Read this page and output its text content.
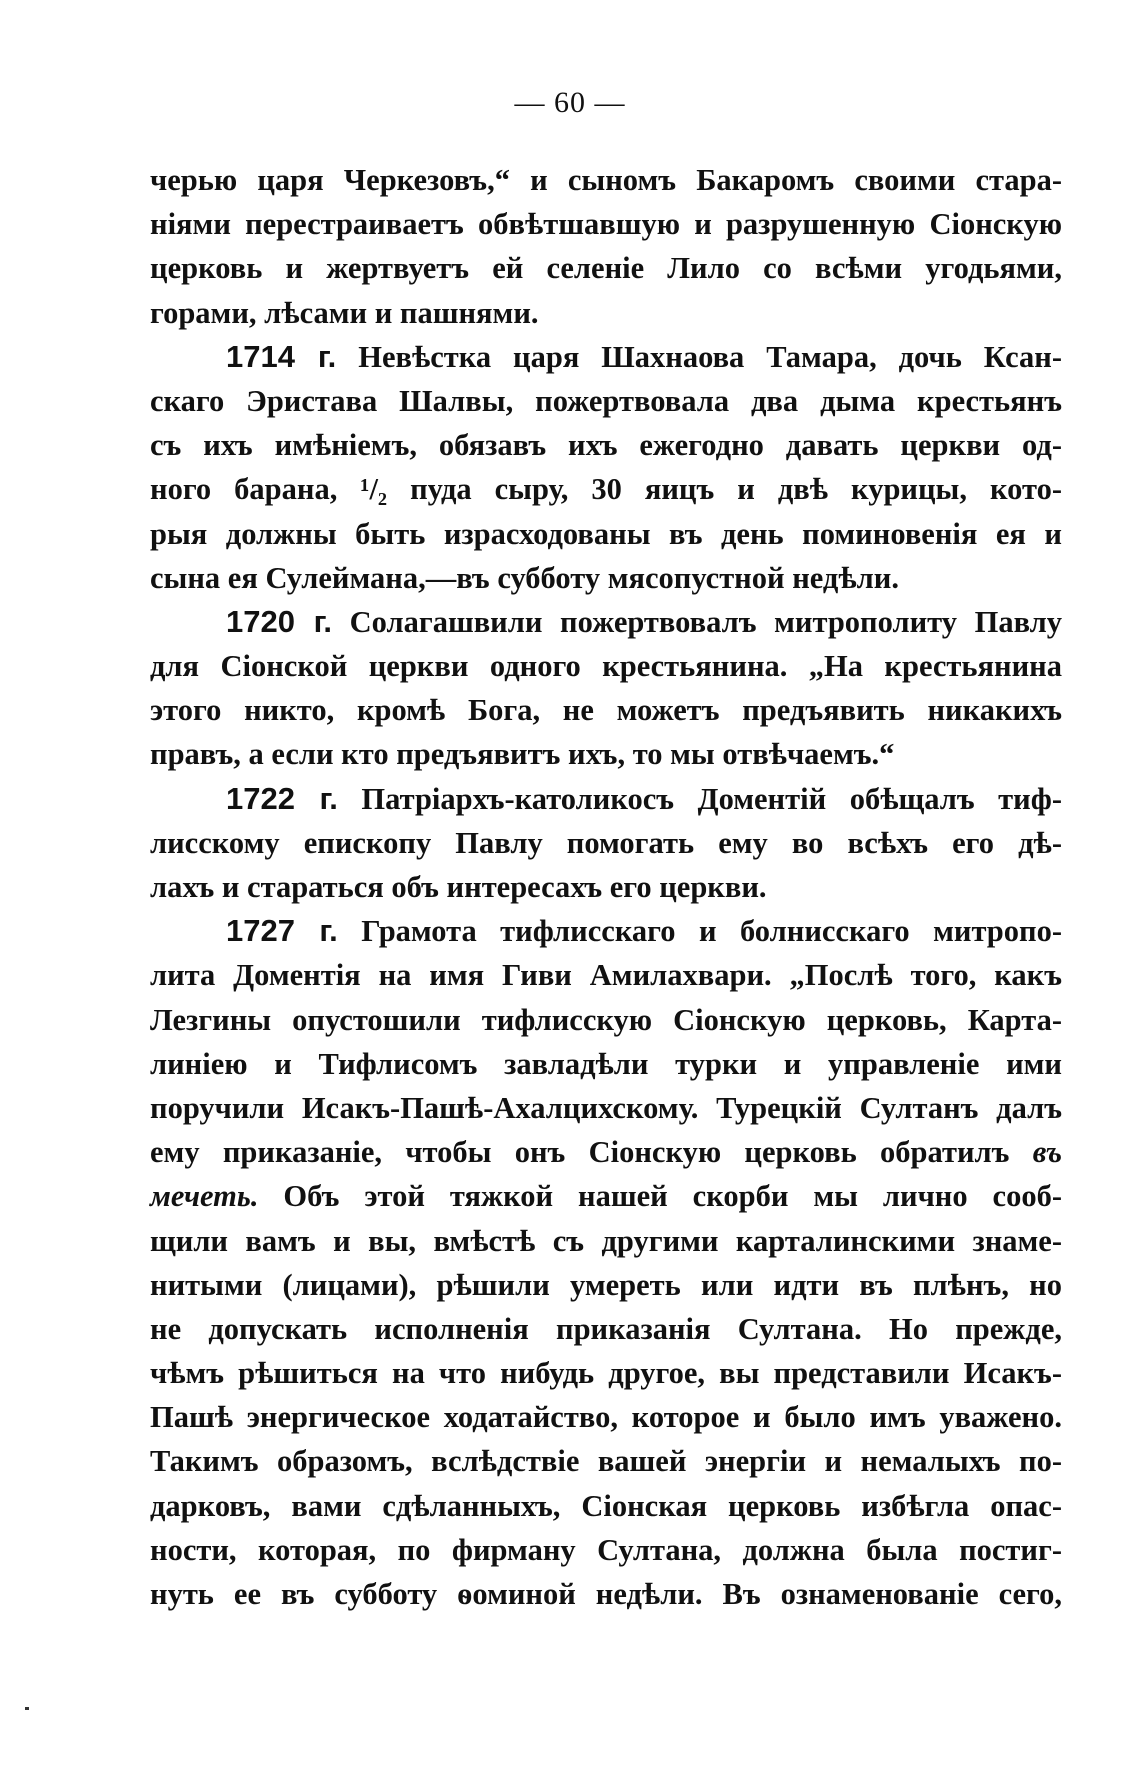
— 60 —
черью царя Черкезовъ,“ и сыномъ Бакаромъ своими стара-
ніями перестраиваетъ обвѣтшавшую и разрушенную Сіонскую
церковь и жертвуетъ ей селеніе Лило со всѣми угодьями,
горами, лѣсами и пашнями.
1714 г. Невѣстка царя Шахнаова Тамара, дочь Ксан-
скаго Эристава Шалвы, пожертвовала два дыма крестьянъ
съ ихъ имѣніемъ, обязавъ ихъ ежегодно давать церкви од-
ного барана, ¹/₂ пуда сыру, 30 яицъ и двѣ курицы, кото-
рыя должны быть израсходованы въ день поминовенія ея и
сына ея Сулеймана,—въ субботу мясопустной недѣли.
1720 г. Солагашвили пожертвовалъ митрополиту Павлу
для Сіонской церкви одного крестьянина. „На крестьянина
этого никто, кромѣ Бога, не можетъ предъявить никакихъ
правъ, а если кто предъявитъ ихъ, то мы отвѣчаемъ.“
1722 г. Патріархъ-католикосъ Доментій обѣщалъ тиф-
лисскому епископу Павлу помогать ему во всѣхъ его дѣ-
лахъ и стараться объ интересахъ его церкви.
1727 г. Грамота тифлисскаго и болнисскаго митропо-
лита Доментія на имя Гиви Амилахвари. „Послѣ того, какъ
Лезгины опустошили тифлисскую Сіонскую церковь, Карта-
линіею и Тифлисомъ завладѣли турки и управленіе ими
поручили Исакъ-Пашѣ-Ахалцихскому. Турецкій Султанъ далъ
ему приказаніе, чтобы онъ Сіонскую церковь обратилъ въ
мечеть. Объ этой тяжкой нашей скорби мы лично сооб-
щили вамъ и вы, вмѣстѣ съ другими карталинскими знаме-
нитыми (лицами), рѣшили умереть или идти въ плѣнъ, но
не допускать исполненія приказанія Султана. Но прежде,
чѣмъ рѣшиться на что нибудь другое, вы представили Исакъ-
Пашѣ энергическое ходатайство, которое и было имъ уважено.
Такимъ образомъ, вслѣдствіе вашей энергіи и немалыхъ по-
дарковъ, вами сдѣланныхъ, Сіонская церковь избѣгла опас-
ности, которая, по фирману Султана, должна была постиг-
нуть ее въ субботу ѳоминой недѣли. Въ ознаменованіе сего,
